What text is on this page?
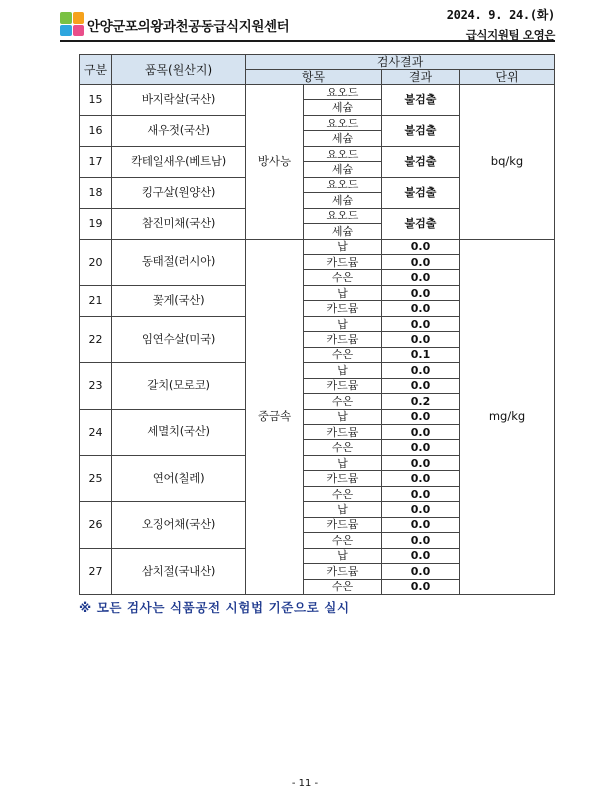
안양군포의왕과천공동급식지원센터
2024. 9. 24.(화)
급식지원팀 오영은
구분	품목(원산지)	검사결과			
		항목		결과	단위
15	바지락살(국산)	방사능	요오드	불검출	bq/kg
			세슘		
16	새우젓(국산)		요오드	불검출	
			세슘		
17	칵테일새우(베트남)		요오드	불검출	
			세슘		
18	킹구살(원양산)		요오드	불검출	
			세슘		
19	참진미채(국산)		요오드	불검출	
			세슘		
20	동태절(러시아)	중금속	납	0.0	mg/kg
			카드뮴	0.0	
			수은	0.0	
21	꽃게(국산)		납	0.0	
			카드뮴	0.0	
22	임연수살(미국)		납	0.0	
			카드뮴	0.0	
			수은	0.1	
23	갈치(모로코)		납	0.0	
			카드뮴	0.0	
			수은	0.2	
24	세멸치(국산)		납	0.0	
			카드뮴	0.0	
			수은	0.0	
25	연어(칠레)		납	0.0	
			카드뮴	0.0	
			수은	0.0	
26	오징어채(국산)		납	0.0	
			카드뮴	0.0	
			수은	0.0	
27	삼치절(국내산)		납	0.0	
			카드뮴	0.0	
			수은	0.0	
※ 모든 검사는 식품공전 시험법 기준으로 실시
- 11 -
